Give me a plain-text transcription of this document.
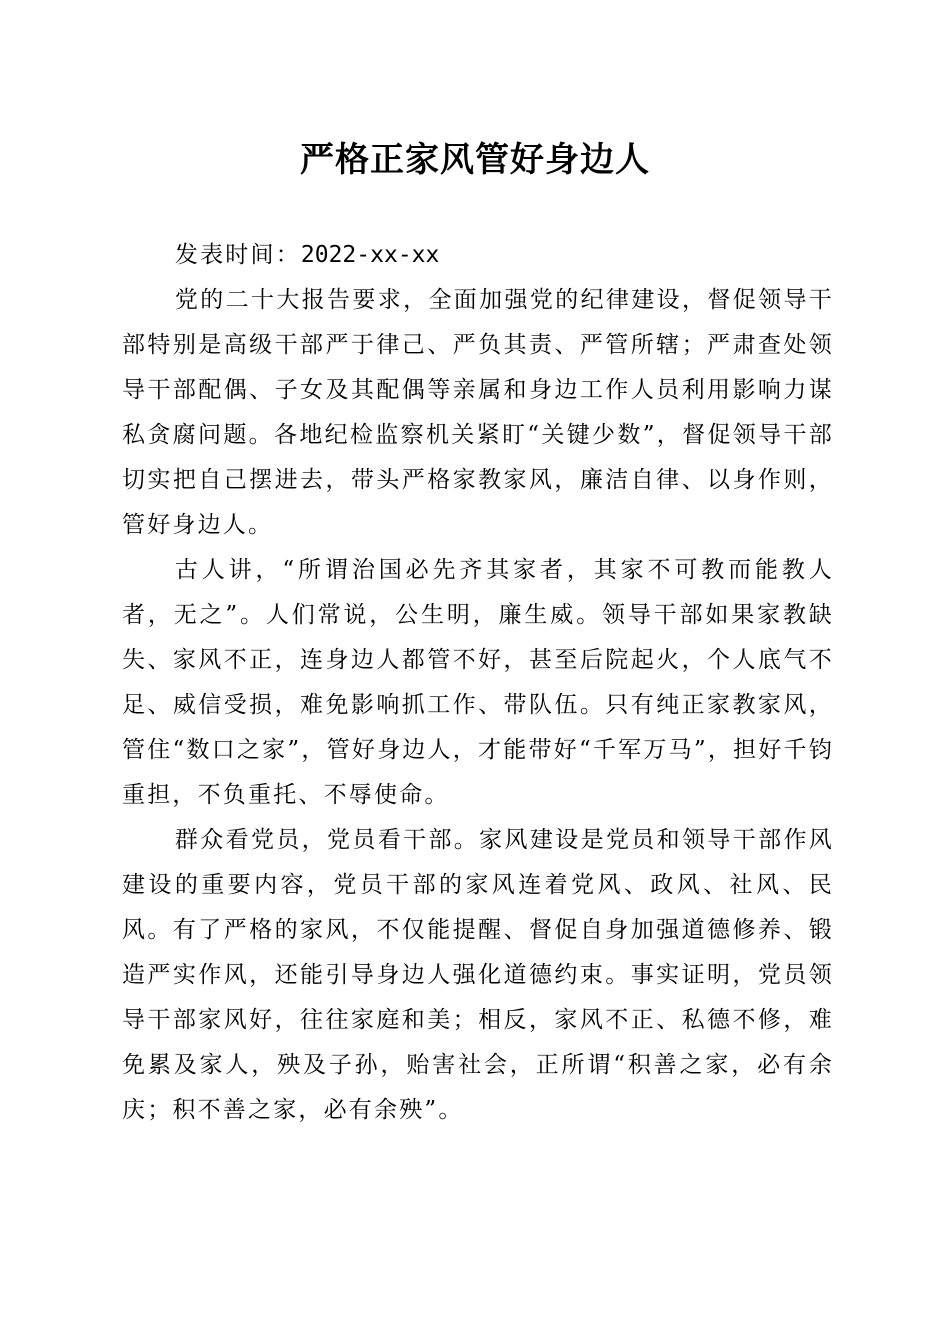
严格正家风管好身边人
发表时间：2022-xx-xx

党的二十大报告要求，全面加强党的纪律建设，督促领导干部特别是高级干部严于律己、严负其责、严管所辖；严肃查处领导干部配偶、子女及其配偶等亲属和身边工作人员利用影响力谋私贪腐问题。各地纪检监察机关紧盯“关键少数”，督促领导干部切实把自己摆进去，带头严格家教家风，廉洁自律、以身作则，管好身边人。

古人讲，“所谓治国必先齐其家者，其家不可教而能教人者，无之”。人们常说，公生明，廉生威。领导干部如果家教缺失、家风不正，连身边人都管不好，甚至后院起火，个人底气不足、威信受损，难免影响抓工作、带队伍。只有纯正家教家风，管住“数口之家”，管好身边人，才能带好“千军万马”，担好千钧重担，不负重托、不辱使命。

群众看党员，党员看干部。家风建设是党员和领导干部作风建设的重要内容，党员干部的家风连着党风、政风、社风、民风。有了严格的家风，不仅能提醒、督促自身加强道德修养、锻造严实作风，还能引导身边人强化道德约束。事实证明，党员领导干部家风好，往往家庭和美；相反，家风不正、私德不修，难免累及家人，殃及子孙，贻害社会，正所谓“积善之家，必有余庆；积不善之家，必有余殃”。
